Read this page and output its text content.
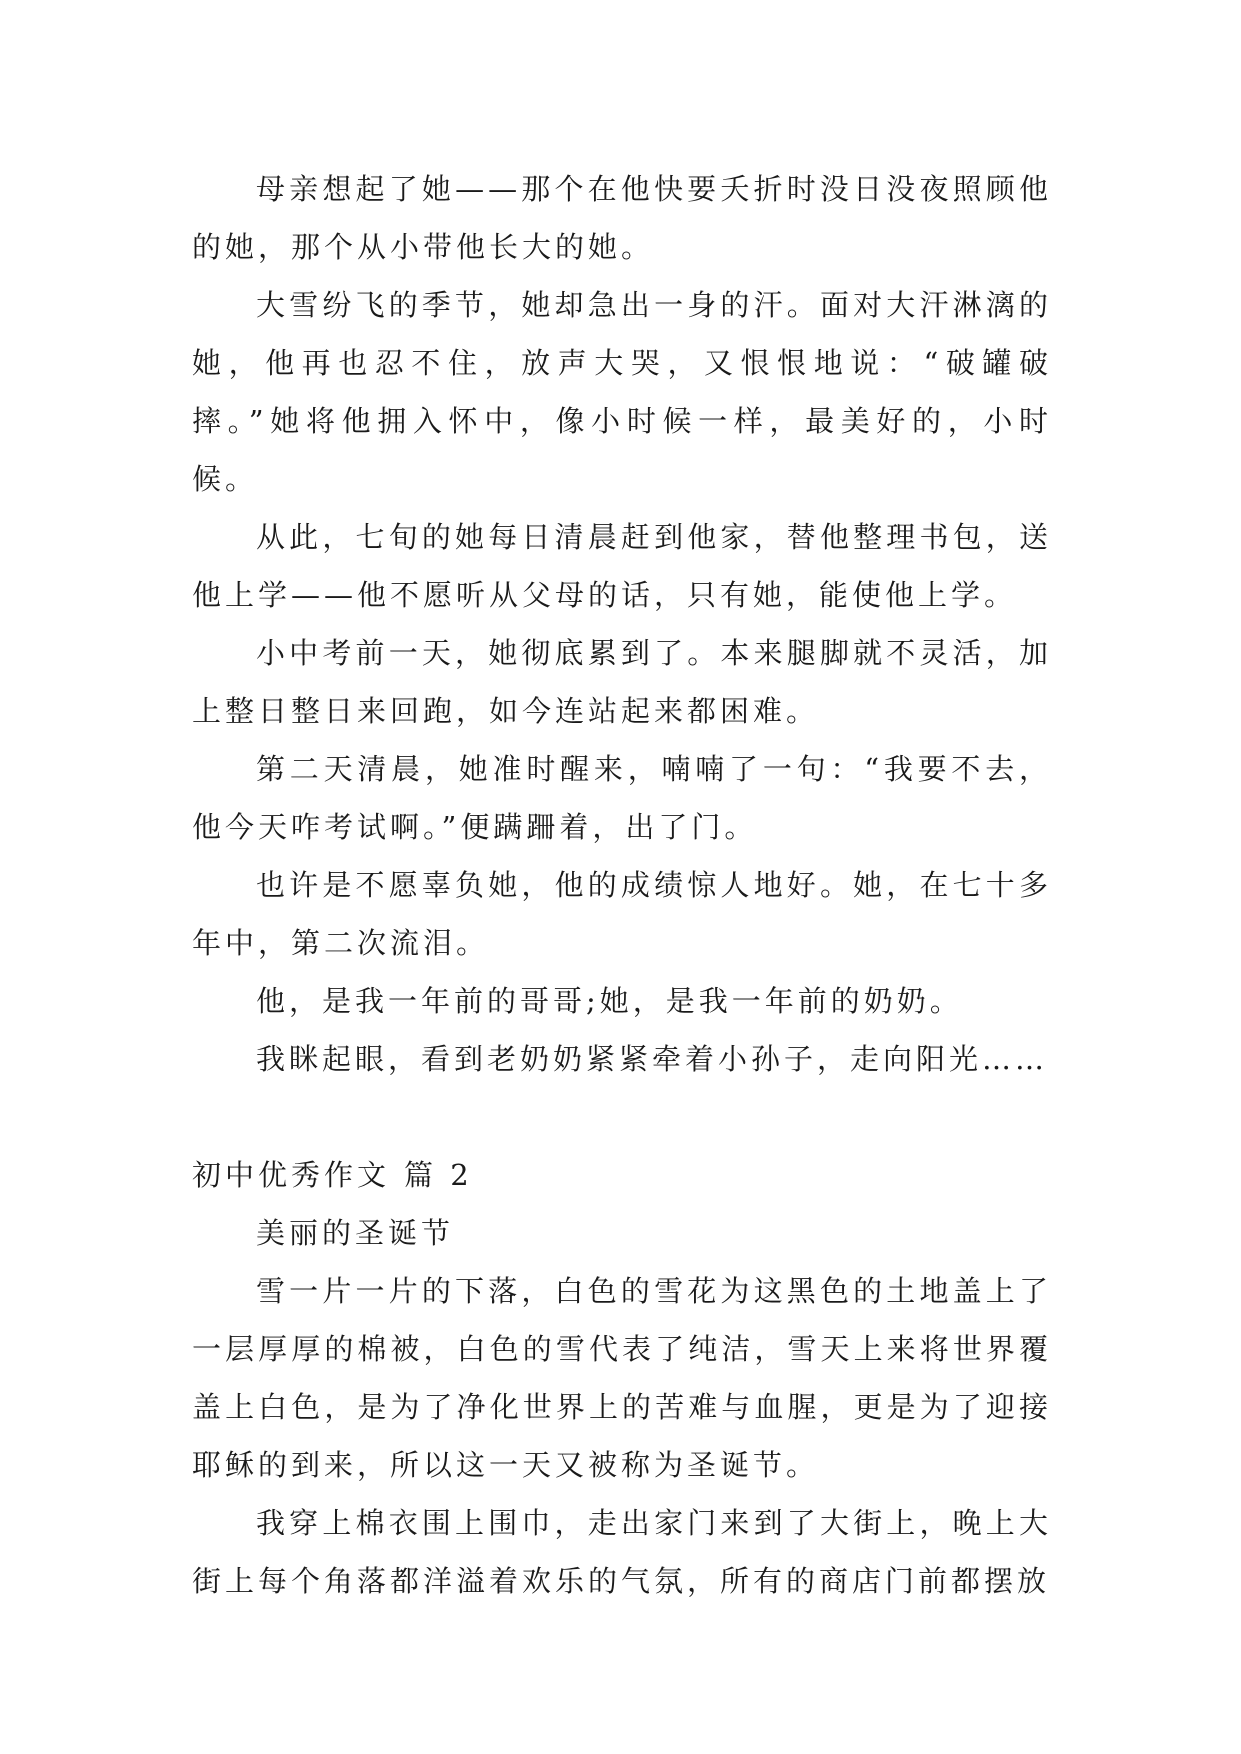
母亲想起了她——那个在他快要夭折时没日没夜照顾他的她，那个从小带他长大的她。

大雪纷飞的季节，她却急出一身的汗。面对大汗淋漓的她，他再也忍不住，放声大哭，又恨恨地说：“破罐破摔。”她将他拥入怀中，像小时候一样，最美好的，小时候。

从此，七旬的她每日清晨赶到他家，替他整理书包，送他上学——他不愿听从父母的话，只有她，能使他上学。

小中考前一天，她彻底累到了。本来腿脚就不灵活，加上整日整日来回跑，如今连站起来都困难。

第二天清晨，她准时醒来，喃喃了一句：“我要不去，他今天咋考试啊。”便蹒跚着，出了门。

也许是不愿辜负她，他的成绩惊人地好。她，在七十多年中，第二次流泪。

他，是我一年前的哥哥;她，是我一年前的奶奶。

我眯起眼，看到老奶奶紧紧牵着小孙子，走向阳光……

初中优秀作文 篇 2

美丽的圣诞节

雪一片一片的下落，白色的雪花为这黑色的土地盖上了一层厚厚的棉被，白色的雪代表了纯洁，雪天上来将世界覆盖上白色，是为了净化世界上的苦难与血腥，更是为了迎接耶稣的到来，所以这一天又被称为圣诞节。

我穿上棉衣围上围巾，走出家门来到了大街上，晚上大街上每个角落都洋溢着欢乐的气氛，所有的商店门前都摆放
